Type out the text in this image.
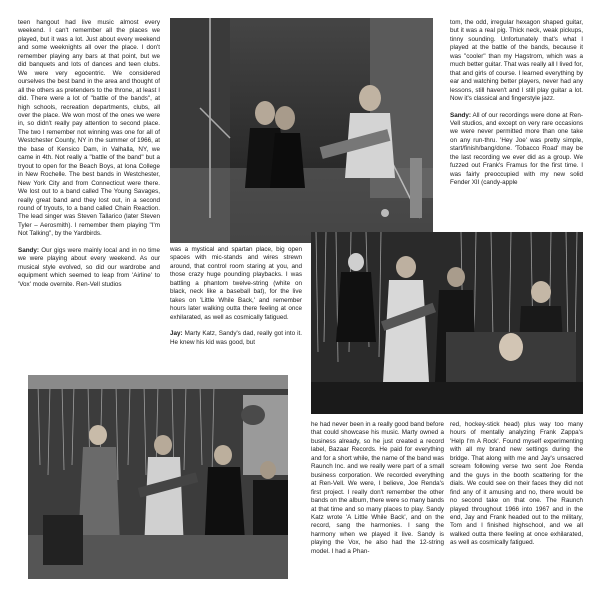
teen hangout had live music almost every weekend. I can't remember all the places we played, but it was a lot. Just about every weekend and some weeknights all over the place. I don't remember playing any bars at that point, but we did banquets and lots of dances and teen clubs. We were very egocentric. We considered ourselves the best band in the area and thought of all the others as pretenders to the throne, at least I did. There were a lot of "battle of the bands", at high schools, recreation departments, clubs, all over the place. We won most of the ones we were in, so didn't really pay attention to second place. The two I remember not winning was one for all of Westchester County, NY in the summer of 1966, at the base of Kensico Dam, in Valhalla, NY, we came in 4th. Not really a "battle of the band" but a tryout to open for the Beach Boys, at Iona College in New Rochelle. The best bands in Westchester, New York City and from Connecticut were there. We lost out to a band called The Young Savages, really great band and they lost out, in a second round of tryouts, to a band called Chain Reaction. The lead singer was Steven Tallarico (later Steven Tyler – Aerosmith). I remember them playing "I'm Not Talking", by the Yardbirds.

Sandy: Our gigs were mainly local and in no time we were playing about every weekend. As our musical style evolved, so did our wardrobe and equipment which seemed to leap from 'Airline' to 'Vox' mode overnite. Ren-Vell studios

tom, the odd, irregular hexagon shaped guitar, but it was a real pig. Thick neck, weak pickups, tinny sounding. Unfortunately that's what I played at the battle of the bands, because it was "cooler" than my Hagstrom, which was a much better guitar. That was really all I lived for, that and girls of course. I learned everything by ear and watching better players, never had any lessons, still haven't and I still play guitar a lot. Now it's classical and fingerstyle jazz.

Sandy: All of our recordings were done at Ren-Vell studios, and except on very rare occasions we were never permitted more than one take on any run-thru. 'Hey Joe' was pretty simple, start/finish/bang/done. 'Tobacco Road' may be the last recording we ever did as a group. We fuzzed out Frank's Framus for the first time. I was fairly preoccupied with my new solid Fender XII (candy-apple

was a mystical and spartan place, big open spaces with mic-stands and wires strewn around, that control room staring at you, and those crazy huge pounding playbacks. I was battling a phantom twelve-string (white on black, neck like a baseball bat), for the live takes on 'Little While Back,' and remember hours later walking outta there feeling at once exhilarated, as well as cosmically fatigued.

Jay: Marty Katz, Sandy's dad, really got into it. He knew his kid was good, but

he had never been in a really good band before that could showcase his music. Marty owned a business already, so he just created a record label, Bazaar Records. He paid for everything and for a short while, the name of the band was Raunch Inc. and we really were part of a small business corporation. We recorded everything at Ren-Vell. We were, I believe, Joe Renda's first project. I really don't remember the other bands on the album, there were so many bands at that time and so many places to play. Sandy Katz wrote 'A Little While Back', and on the record, sang the harmonies. I sang the harmony when we played it live. Sandy is playing the Vox, he also had the 12-string model. I had a Phan-

red, hockey-stick head) plus way too many hours of mentally analyzing Frank Zappa's 'Help I'm A Rock'. Found myself experimenting with all my brand new settings during the bridge. That along with me and Jay's unsacred scream following verse two sent Joe Renda and the guys in the booth scattering for the dials. We could see on their faces they did not find any of it amusing and no, there would be no second take on that one. The Raunch played throughout 1966 into 1967 and in the end, Jay and Frank headed out to the military, Tom and I finished highschool, and we all walked outta there feeling at once exhilarated, as well as cosmically fatigued.
